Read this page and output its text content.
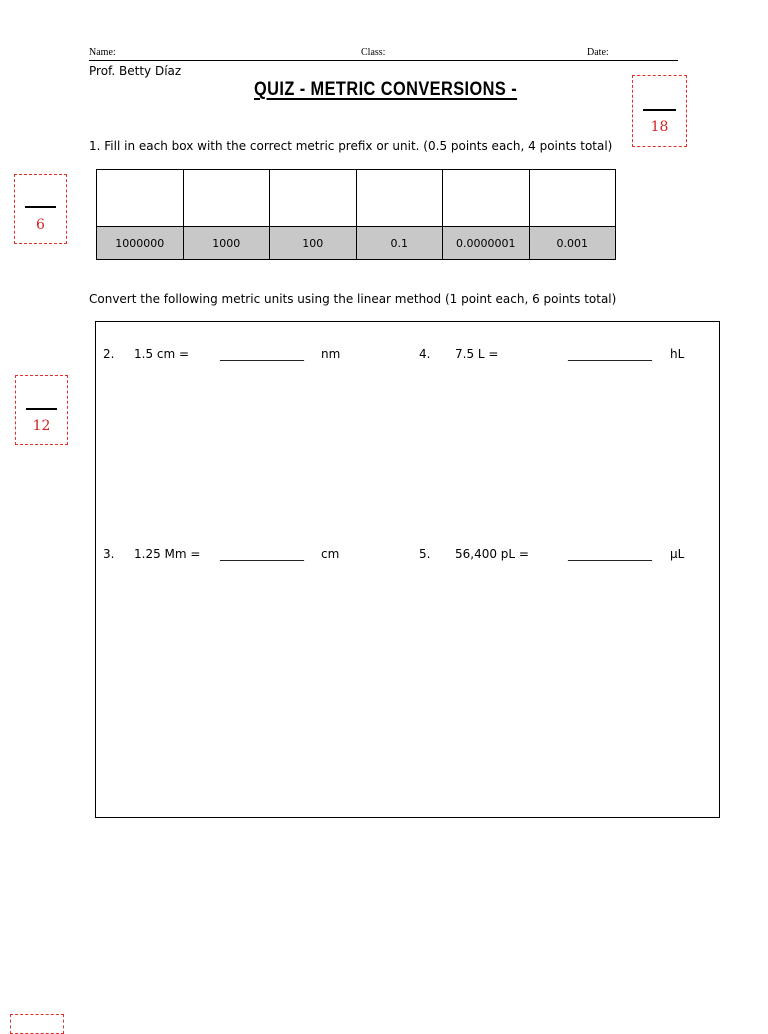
Name:	Class:	Date:
Prof. Betty Díaz
QUIZ - METRIC CONVERSIONS -
18
6
12
1. Fill in each box with the correct metric prefix or unit. (0.5 points each, 4 points total)

1000000	1000	100	0.1	0.0000001	0.001
Convert the following metric units using the linear method (1 point each, 6 points total)
2. 1.5 cm =	______________ nm	4. 7.5 L =	______________ hL
3. 1.25 Mm = ______________ cm	5. 56,400 pL =	______________ µL
